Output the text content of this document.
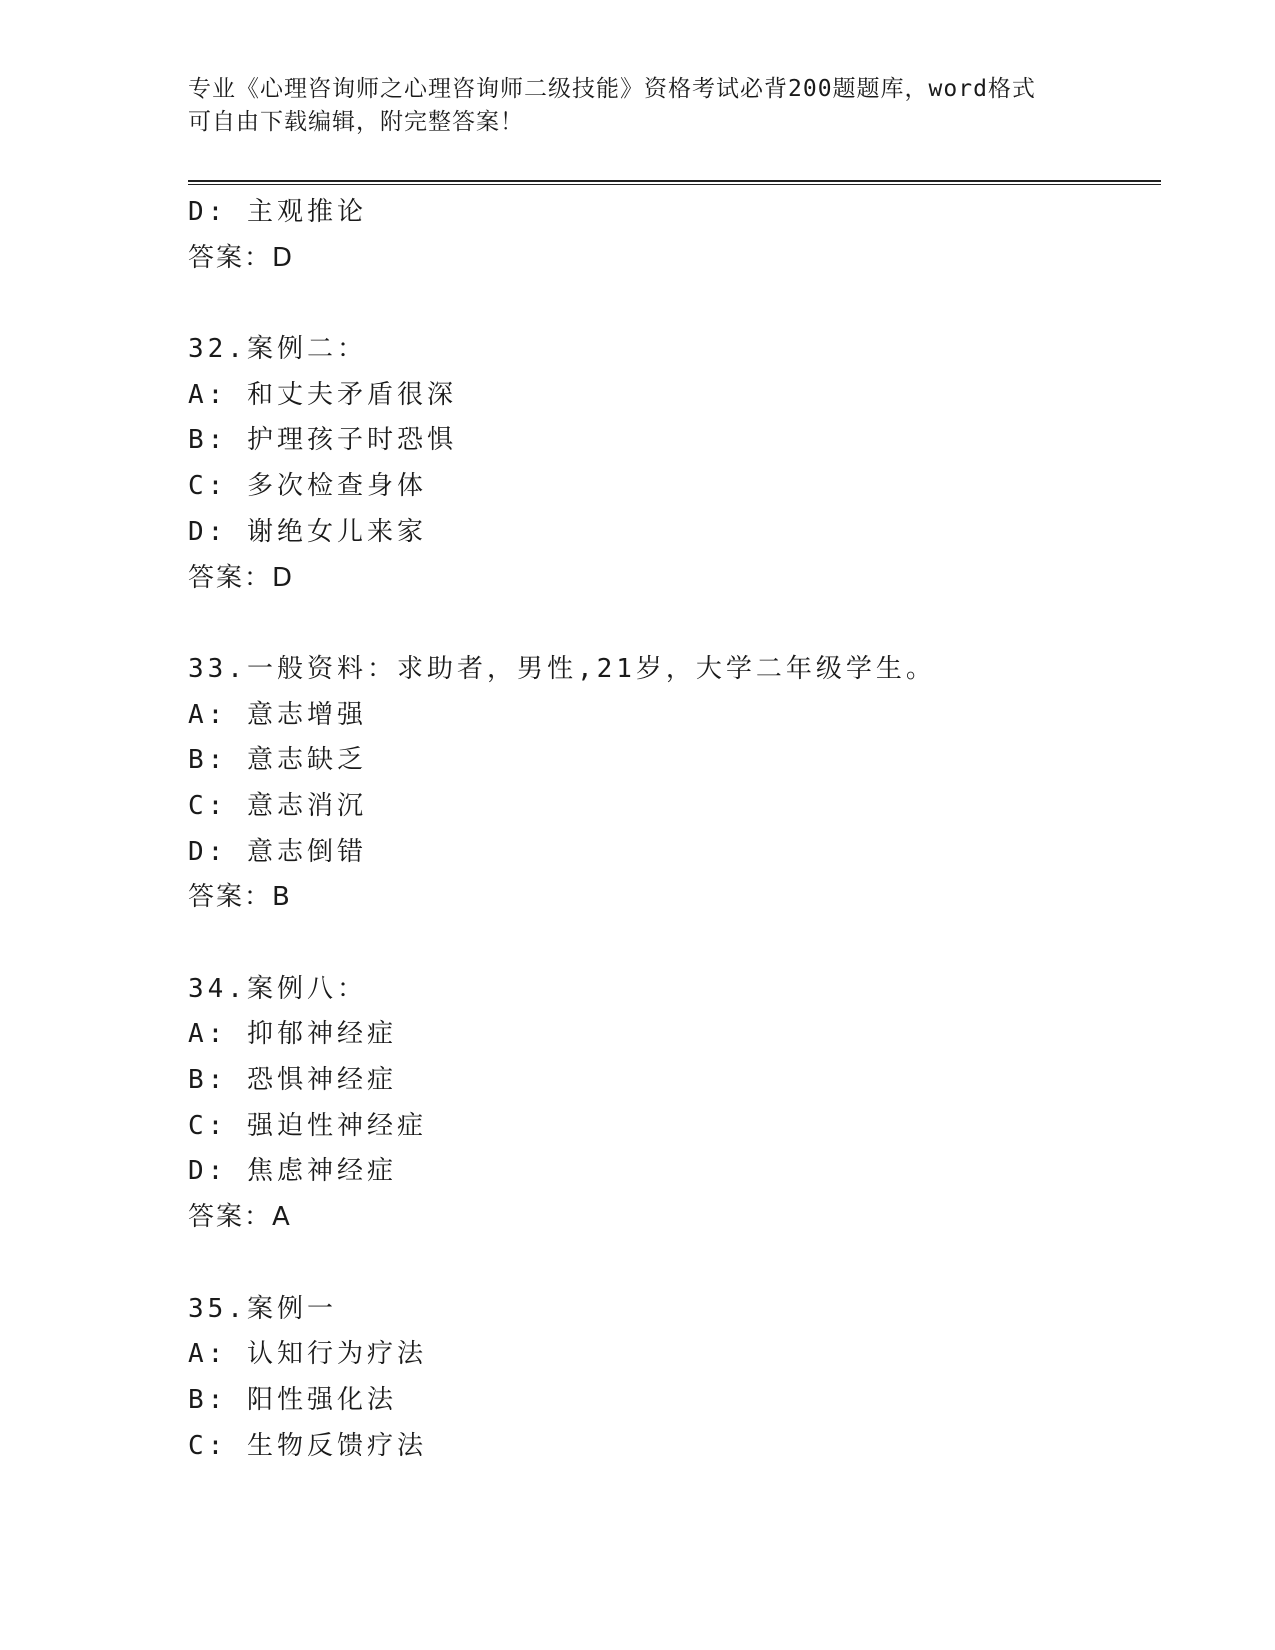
专业《心理咨询师之心理咨询师二级技能》资格考试必背200题题库，word格式
可自由下载编辑，附完整答案！
D: 主观推论
答案：D
32.案例二：
A: 和丈夫矛盾很深
B: 护理孩子时恐惧
C: 多次检查身体
D: 谢绝女儿来家
答案：D
33.一般资料：求助者，男性,21岁，大学二年级学生。
A: 意志增强
B: 意志缺乏
C: 意志消沉
D: 意志倒错
答案：B
34.案例八：
A: 抑郁神经症
B: 恐惧神经症
C: 强迫性神经症
D: 焦虑神经症
答案：A
35.案例一
A: 认知行为疗法
B: 阳性强化法
C: 生物反馈疗法
